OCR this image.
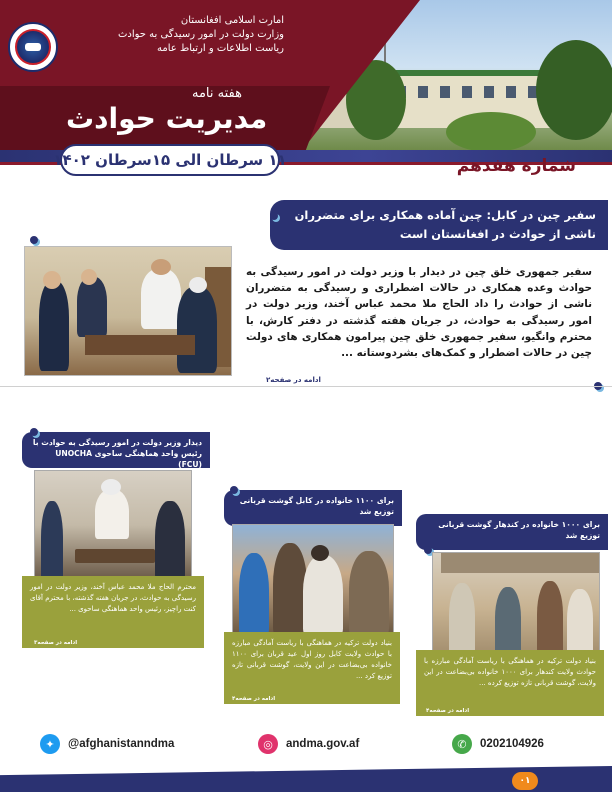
امارت اسلامی افغانستان
وزارت دولت در امور رسیدگی به حوادث
ریاست اطلاعات و ارتباط عامه
هفته نامه
مدیریت حوادث
۱۱ سرطان الی ۱۵سرطان ۱۴۰۲	شماره هفدهم
سفیر چین در کابل: چین آماده همکاری برای متضرران ناشی از حوادث در افغانستان است
سفیر جمهوری خلق چین در دیدار با وزیر دولت در امور رسیدگی به حوادث وعده همکاری در حالات اضطراری و رسیدگی به متضرران ناشی از حوادث را داد الحاج ملا محمد عباس آخند، وزیر دولت در امور رسیدگی به حوادث، در جریان هفته گذشته در دفتر کارش، با محترم وانگیو، سفیر جمهوری خلق چین پیرامون همکاری های دولت چین در حالات اضطرار و کمک‌های بشردوستانه ...
ادامه در صفحه۲
دیدار وزیر دولت در امور رسیدگی به حوادث با رئیس واحد هماهنگی ساحوی UNOCHA (FCU)
محترم الحاج ملا محمد عباس آخند، وزیر دولت در امور رسیدگی به حوادث، در جریان هفته گذشته، با محترم آقای کنت راچیز، رئیس واحد هماهنگی ساحوی ...
ادامه در صفحه۳
برای ۱۱۰۰ خانواده در کابل گوشت قربانی توزیع شد
بنیاد دولت ترکیه در هماهنگی با ریاست آمادگی مبارزه با حوادث ولایت کابل روز اول عید قربان برای ۱۱۰۰ خانواده بی‌بضاعت در این ولایت، گوشت قربانی تازه توزیع کرد ...
ادامه در صفحه۴
برای ۱۰۰۰ خانواده در کندهار گوشت قربانی توزیع شد
بنیاد دولت ترکیه در هماهنگی با ریاست آمادگی مبارزه با حوادث ولایت کندهار برای ۱۰۰۰ خانواده بی‌بضاعت در این ولایت، گوشت قربانی تازه توزیع کرده ...
ادامه در صفحه۴
✦	@afghanistanndma	◎	andma.gov.af	✆	0202104926
۰۱
